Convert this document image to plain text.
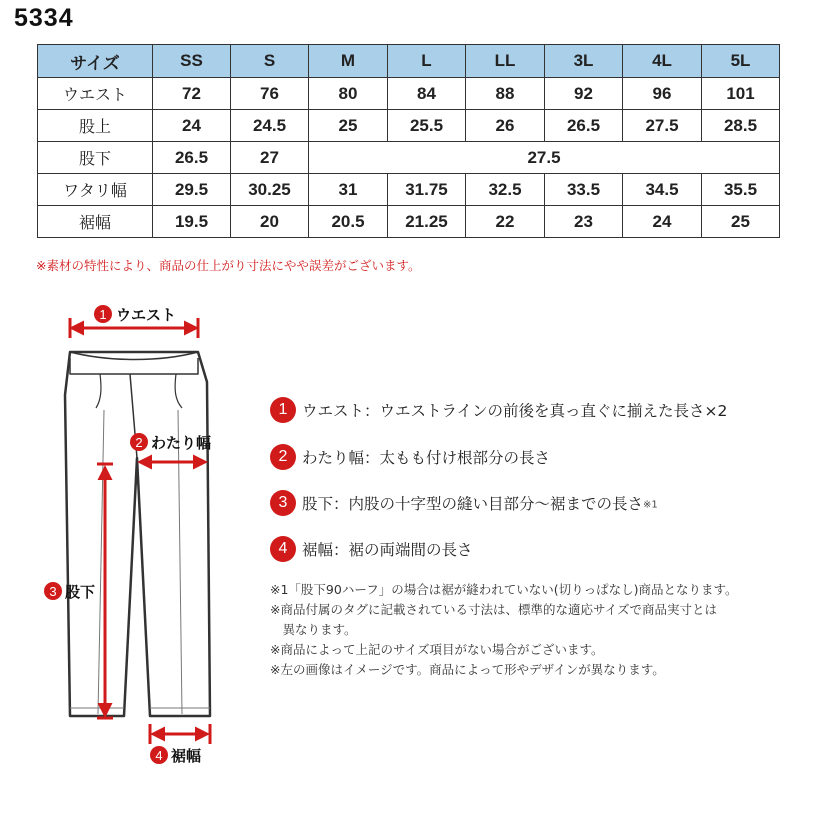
5334
サイズ	SS	S	M	L	LL	3L	4L	5L
ウエスト	72	76	80	84	88	92	96	101
股上	24	24.5	25	25.5	26	26.5	27.5	28.5
股下	26.5	27	27.5					
ワタリ幅	29.5	30.25	31	31.75	32.5	33.5	34.5	35.5
裾幅	19.5	20	20.5	21.25	22	23	24	25
※素材の特性により、商品の仕上がり寸法にやや誤差がございます。
1 ウエスト
2 わたり幅
3 股下
4 裾幅
1 ウエスト：ウエストラインの前後を真っ直ぐに揃えた長さ×2
2 わたり幅：太もも付け根部分の長さ
3 股下：内股の十字型の縫い目部分〜裾までの長さ※1
4 裾幅：裾の両端間の長さ
※1「股下90ハーフ」の場合は裾が縫われていない(切りっぱなし)商品となります。
※商品付属のタグに記載されている寸法は、標準的な適応サイズで商品実寸とは
　異なります。
※商品によって上記のサイズ項目がない場合がございます。
※左の画像はイメージです。商品によって形やデザインが異なります。
